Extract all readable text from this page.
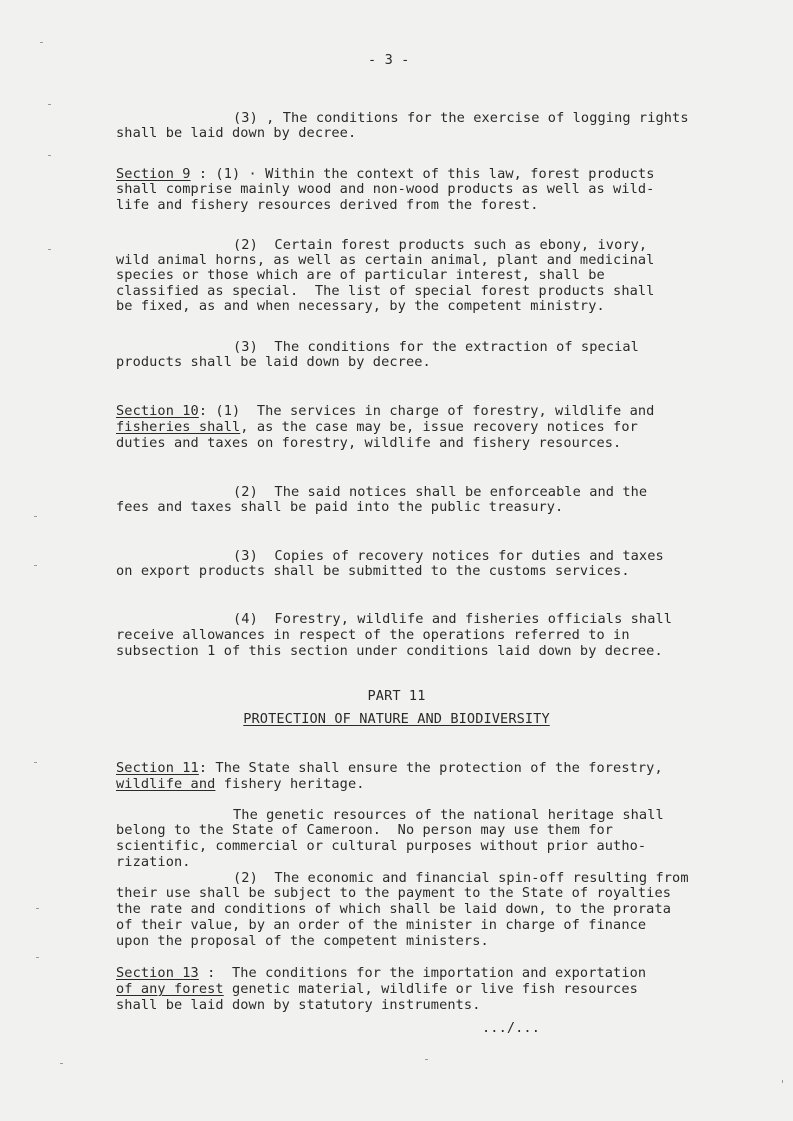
- 3 -
(3) , The conditions for the exercise of logging rights
shall be laid down by decree.
Section 9 : (1) · Within the context of this law, forest products
shall comprise mainly wood and non-wood products as well as wild-
life and fishery resources derived from the forest.
(2)  Certain forest products such as ebony, ivory,
wild animal horns, as well as certain animal, plant and medicinal
species or those which are of particular interest, shall be
classified as special.  The list of special forest products shall
be fixed, as and when necessary, by the competent ministry.
(3)  The conditions for the extraction of special
products shall be laid down by decree.
Section 10: (1)  The services in charge of forestry, wildlife and
fisheries shall, as the case may be, issue recovery notices for
duties and taxes on forestry, wildlife and fishery resources.
(2)  The said notices shall be enforceable and the
fees and taxes shall be paid into the public treasury.
(3)  Copies of recovery notices for duties and taxes
on export products shall be submitted to the customs services.
(4)  Forestry, wildlife and fisheries officials shall
receive allowances in respect of the operations referred to in
subsection 1 of this section under conditions laid down by decree.
PART 11
PROTECTION OF NATURE AND BIODIVERSITY
Section 11: The State shall ensure the protection of the forestry,
wildlife and fishery heritage.
The genetic resources of the national heritage shall
belong to the State of Cameroon.  No person may use them for
scientific, commercial or cultural purposes without prior autho-
rization.
(2)  The economic and financial spin-off resulting from
their use shall be subject to the payment to the State of royalties
the rate and conditions of which shall be laid down, to the prorata
of their value, by an order of the minister in charge of finance
upon the proposal of the competent ministers.
Section 13 :  The conditions for the importation and exportation
of any forest genetic material, wildlife or live fish resources
shall be laid down by statutory instruments.
.../...
